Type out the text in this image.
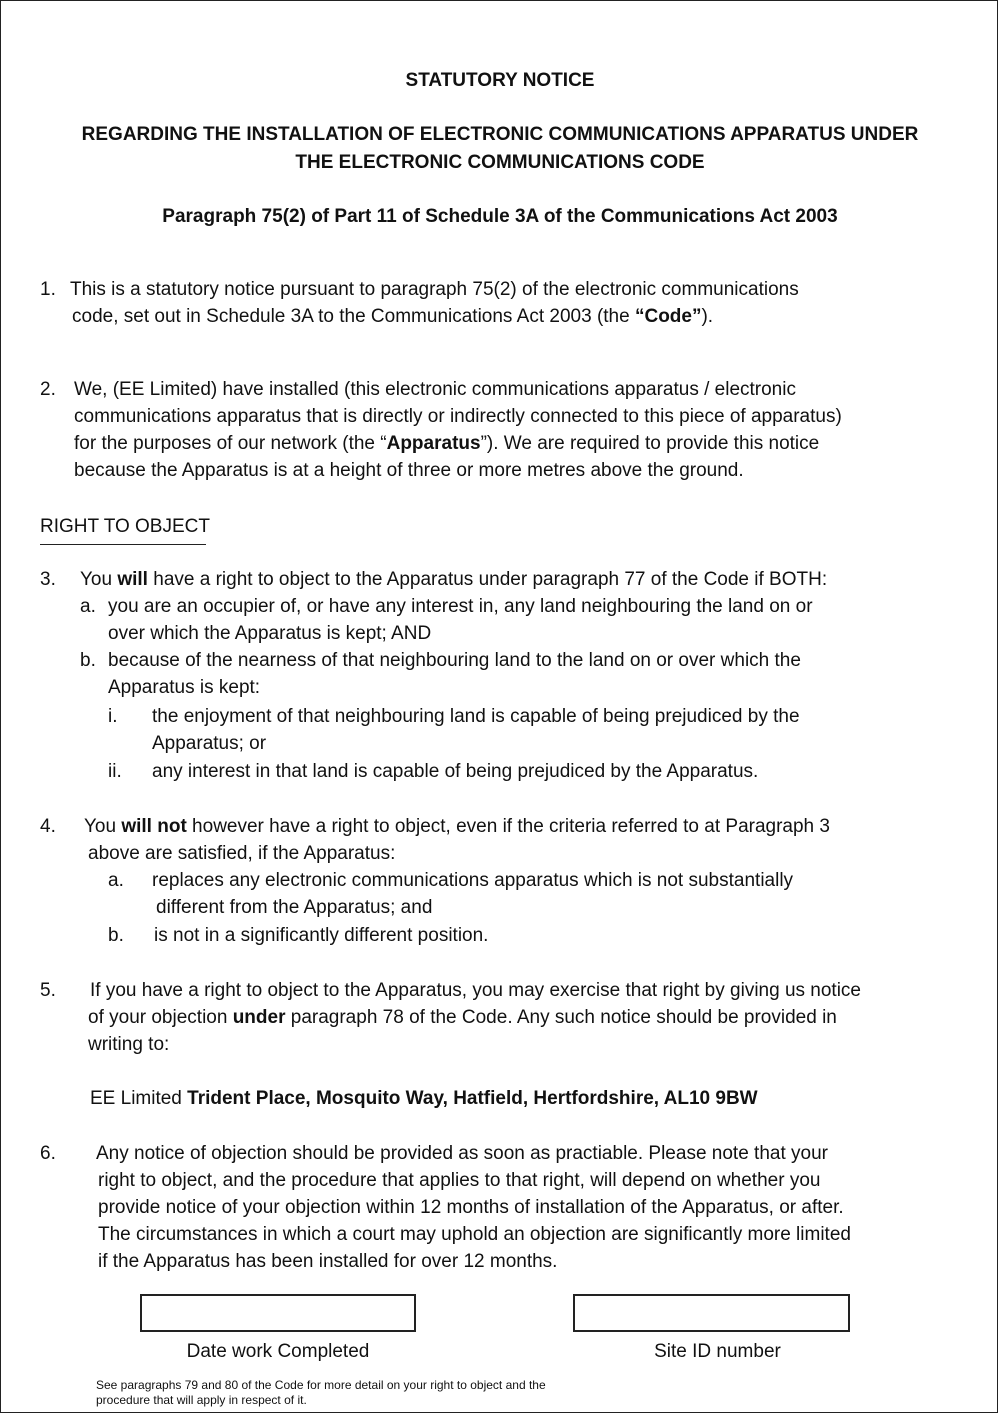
STATUTORY NOTICE
REGARDING THE INSTALLATION OF ELECTRONIC COMMUNICATIONS APPARATUS UNDER
THE ELECTRONIC COMMUNICATIONS CODE
Paragraph 75(2) of Part 11 of Schedule 3A of the Communications Act 2003
1. This is a statutory notice pursuant to paragraph 75(2) of the electronic communications
code, set out in Schedule 3A to the Communications Act 2003 (the “Code”).
2. We, (EE Limited) have installed (this electronic communications apparatus / electronic
communications apparatus that is directly or indirectly connected to this piece of apparatus)
for the purposes of our network (the “Apparatus”). We are required to provide this notice
because the Apparatus is at a height of three or more metres above the ground.
RIGHT TO OBJECT
3. You will have a right to object to the Apparatus under paragraph 77 of the Code if BOTH:
a. you are an occupier of, or have any interest in, any land neighbouring the land on or
over which the Apparatus is kept; AND
b. because of the nearness of that neighbouring land to the land on or over which the
Apparatus is kept:
i. the enjoyment of that neighbouring land is capable of being prejudiced by the
Apparatus; or
ii. any interest in that land is capable of being prejudiced by the Apparatus.
4. You will not however have a right to object, even if the criteria referred to at Paragraph 3
above are satisfied, if the Apparatus:
a. replaces any electronic communications apparatus which is not substantially
different from the Apparatus; and
b. is not in a significantly different position.
5. If you have a right to object to the Apparatus, you may exercise that right by giving us notice
of your objection under paragraph 78 of the Code. Any such notice should be provided in
writing to:
EE Limited Trident Place, Mosquito Way, Hatfield, Hertfordshire, AL10 9BW
6. Any notice of objection should be provided as soon as practiable. Please note that your
right to object, and the procedure that applies to that right, will depend on whether you
provide notice of your objection within 12 months of installation of the Apparatus, or after.
The circumstances in which a court may uphold an objection are significantly more limited
if the Apparatus has been installed for over 12 months.
Date work Completed	Site ID number
See paragraphs 79 and 80 of the Code for more detail on your right to object and the
procedure that will apply in respect of it.
